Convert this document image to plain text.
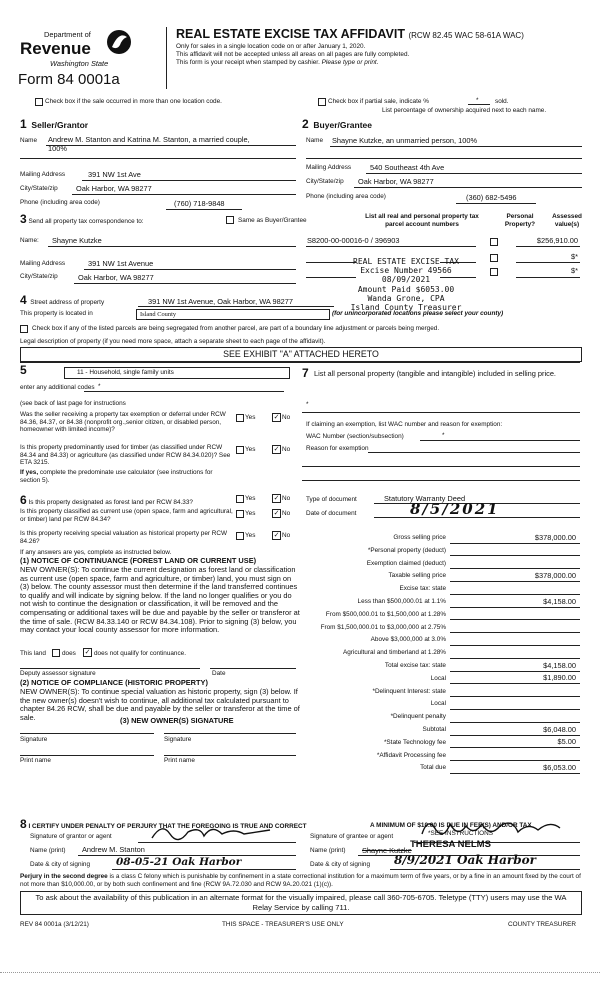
Department of
Revenue
Washington State
Form 84 0001a
REAL ESTATE EXCISE TAX AFFIDAVIT (RCW 82.45 WAC 58-61A WAC)
Only for sales in a single location code on or after January 1, 2020.
This affidavit will not be accepted unless all areas on all pages are fully completed.
This form is your receipt when stamped by cashier. Please type or print.
Check box if the sale occurred in more than one location code.	Check box if partial sale, indicate %	*	sold.
List percentage of ownership acquired next to each name.
1 Seller/Grantor
Name Andrew M. Stanton and Katrina M. Stanton, a married couple,
100%
Mailing Address	391 NW 1st Ave
City/State/zip Oak Harbor, WA 98277
Phone (including area code)	(760) 718-9848
2 Buyer/Grantee
Name Shayne Kutzke, an unmarried person, 100%
Mailing Address	540 Southeast 4th Ave
City/State/zip Oak Harbor, WA 98277
Phone (including area code)	(360) 682-5496
3 Send all property tax correspondence to:	Same as Buyer/Grantee
Name: Shayne Kutzke
Mailing Address	391 NW 1st Avenue
City/State/zip	Oak Harbor, WA 98277
List all real and personal property tax
parcel account numbers
Personal
Property?
Assessed
value(s)
S8200-00-00016-0 / 396903	$256,910.00
$*
$*
REAL ESTATE EXCISE TAX
Excise Number 49566
08/09/2021
Amount Paid $6053.00
Wanda Grone, CPA
Island County Treasurer
4 Street address of property	391 NW 1st Avenue, Oak Harbor, WA 98277
This property is located in	Island County	(for unincorporated locations please select your county)
Check box if any of the listed parcels are being segregated from another parcel, are part of a boundary line adjustment or parcels being merged.
Legal description of property (if you need more space, attach a separate sheet to each page of the affidavit).
SEE EXHIBIT "A" ATTACHED HERETO
5	11 - Household, single family units
enter any additional codes *
(see back of last page for instructions
Was the seller receiving a property tax exemption or deferral under RCW 84.36, 84.37, or 84.38 (nonprofit org.,senior citizen, or disabled person, homeowner with limited income)?
Yes	✓ No
Is this property predominantly used for timber (as classified under RCW 84.34 and 84.33) or agriculture (as classified under RCW 84.34.020)? See ETA 3215.
Yes	✓ No
If yes, complete the predominate use calculator (see instructions for section 5).
6 Is this property designated as forest land per RCW 84.33?
Yes	✓ No
Is this property classified as current use (open space, farm and agricultural, or timber) land per RCW 84.34?
Yes	✓ No
Is this property receiving special valuation as historical property per RCW 84.26?
Yes	✓ No
If any answers are yes, complete as instructed below.
(1) NOTICE OF CONTINUANCE (FOREST LAND OR CURRENT USE)
NEW OWNER(S): To continue the current designation as forest land or classification as current use (open space, farm and agriculture, or timber) land, you must sign on (3) below. The county assessor must then determine if the land transferred continues to qualify and will indicate by signing below. If the land no longer qualifies or you do not wish to continue the designation or classification, it will be removed and the compensating or additional taxes will be due and payable by the seller or transferor at the time of sale. (RCW 84.33.140 or RCW 84.34.108). Prior to signing (3) below, you may contact your local county assessor for more information.
This land	does ✓ does not qualify for continuance.
Deputy assessor signature	Date
(2) NOTICE OF COMPLIANCE (HISTORIC PROPERTY)
NEW OWNER(S): To continue special valuation as historic property, sign (3) below. If the new owner(s) doesn't wish to continue, all additional tax calculated pursuant to chapter 84.26 RCW, shall be due and payable by the seller or transferor at the time of sale.	(3) NEW OWNER(S) SIGNATURE
Signature	Signature
Print name	Print name
7 List all personal property (tangible and intangible) included in selling price.
*
If claiming an exemption, list WAC number and reason for exemption:
WAC Number (section/subsection)	*
Reason for exemption
Type of document	Statutory Warranty Deed
Date of document	8/5/2021
Gross selling price	$378,000.00
*Personal property (deduct)
Exemption claimed (deduct)
Taxable selling price	$378,000.00
Excise tax: state
Less than $500,000.01 at 1.1%	$4,158.00
From $500,000.01 to $1,500,000 at 1.28%
From $1,500,000.01 to $3,000,000 at 2.75%
Above $3,000,000 at 3.0%
Agricultural and timberland at 1.28%
Total excise tax: state	$4,158.00
Local	$1,890.00
*Delinquent Interest: state
Local
*Delinquent penalty
Subtotal	$6,048.00
*State Technology fee	$5.00
*Affidavit Processing fee
Total due	$6,053.00
A MINIMUM OF $10.00 IS DUE IN FEE(S) AND/OR TAX
*SEE INSTRUCTIONS
8 I CERTIFY UNDER PENALTY OF PERJURY THAT THE FOREGOING IS TRUE AND CORRECT
Signature of grantor or agent
Name (print) Andrew M. Stanton
Date & city of signing 08-05-21 Oak Harbor
Signature of grantee or agent
Name (print) Shayne Kutzke
THERESA NELMS
Date & city of signing 8/9/2021 Oak Harbor
Perjury in the second degree is a class C felony which is punishable by confinement in a state correctional institution for a maximum term of five years, or by a fine in an amount fixed by the court of not more than $10,000.00, or by both such confinement and fine (RCW 9A.72.030 and RCW 9A.20.021 (1)(c)).
To ask about the availability of this publication in an alternate format for the visually impaired, please call 360-705-6705. Teletype (TTY) users may use the WA Relay Service by calling 711.
REV 84 0001a (3/12/21)	THIS SPACE - TREASURER'S USE ONLY	COUNTY TREASURER
